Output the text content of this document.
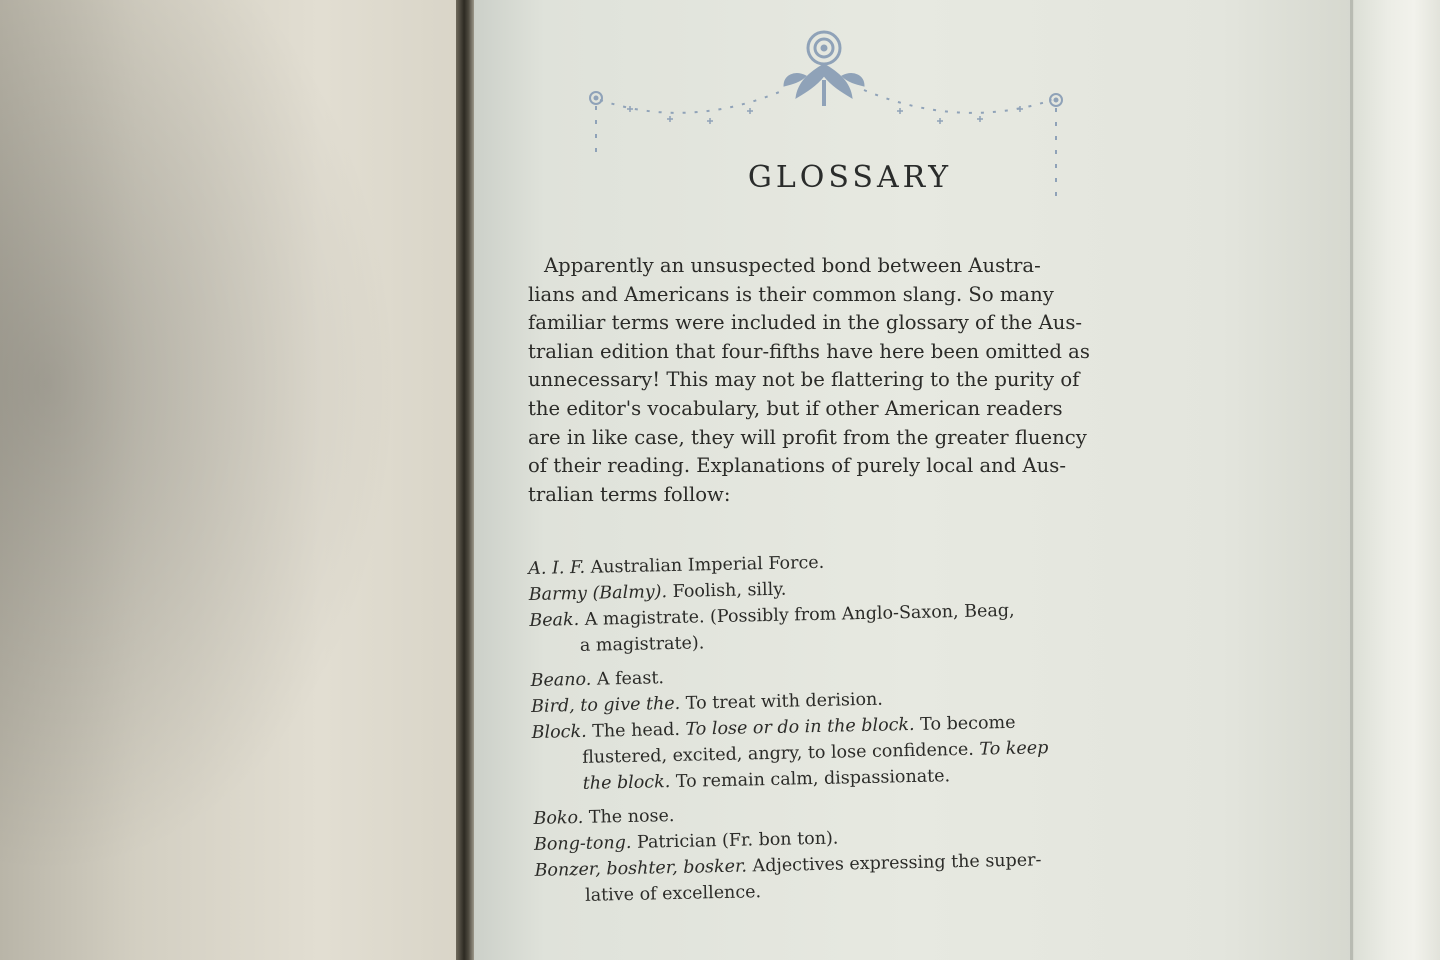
GLOSSARY
Apparently an unsuspected bond between Austra-
lians and Americans is their common slang. So many
familiar terms were included in the glossary of the Aus-
tralian edition that four-fifths have here been omitted as
unnecessary! This may not be flattering to the purity of
the editor's vocabulary, but if other American readers
are in like case, they will profit from the greater fluency
of their reading. Explanations of purely local and Aus-
tralian terms follow:
A. I. F. Australian Imperial Force.
Barmy (Balmy). Foolish, silly.
Beak. A magistrate. (Possibly from Anglo-Saxon, Beag,
a magistrate).
Beano. A feast.
Bird, to give the. To treat with derision.
Block. The head. To lose or do in the block. To become
flustered, excited, angry, to lose confidence. To keep
the block. To remain calm, dispassionate.
Boko. The nose.
Bong-tong. Patrician (Fr. bon ton).
Bonzer, boshter, bosker. Adjectives expressing the super-
lative of excellence.
